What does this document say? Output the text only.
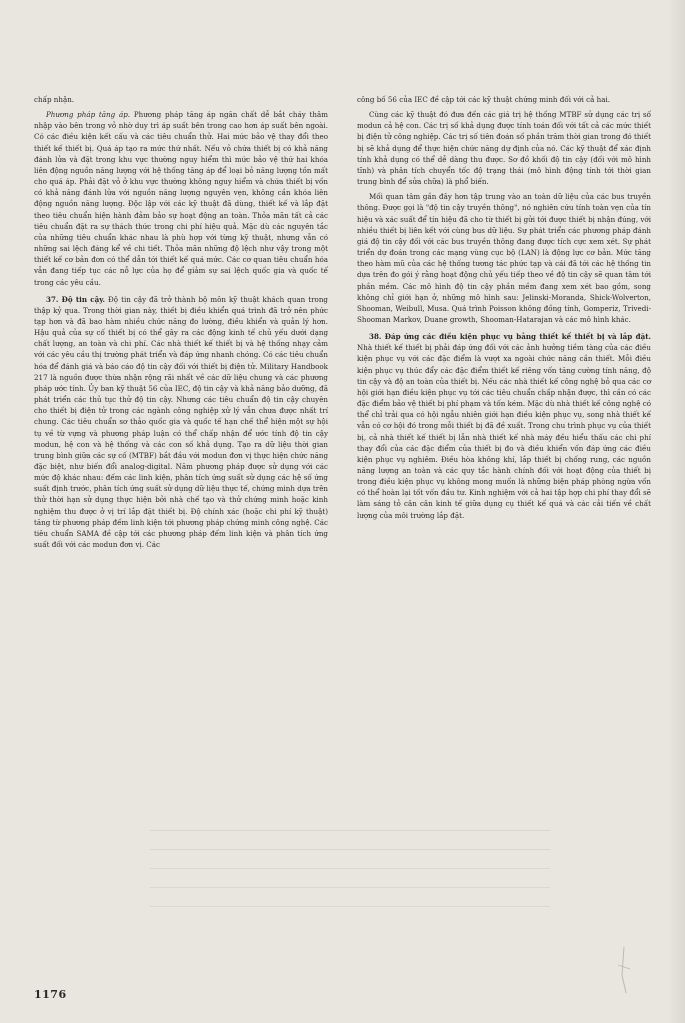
chấp nhận.

Phương pháp tăng áp. Phương pháp tăng áp ngăn chất dễ bắt cháy thâm nhập vào bên trong vỏ nhờ duy trì áp suất bên trong cao hơn áp suất bên ngoài. Có các điều kiện kết cấu và các tiêu chuẩn thử. Hai mức bảo vệ thay đổi theo thiết kế thiết bị. Quá áp tạo ra mức thứ nhất. Nếu vỏ chứa thiết bị có khả năng đánh lửa và đặt trong khu vực thường nguy hiểm thì mức bảo vệ thứ hai khóa liên động nguồn năng lượng với hệ thống tăng áp để loại bỏ năng lượng tồn mất cho quá áp. Phải đặt vỏ ở khu vực thường không nguy hiểm và chứa thiết bị vốn có khả năng đánh lửa với nguồn năng lượng nguyên vẹn, không cần khóa liên động nguồn năng lượng. Độc lập với các kỹ thuật đã dùng, thiết kế và lắp đặt theo tiêu chuẩn hiện hành đảm bảo sự hoạt động an toàn. Thỏa mãn tất cả các tiêu chuẩn đặt ra sự thách thức trong chi phí hiệu quả. Mặc dù các nguyên tắc của những tiêu chuẩn khác nhau là phù hợp với từng kỹ thuật, nhưng vẫn có những sai lệch đáng kể về chi tiết. Thỏa mãn những độ lệch như vậy trong một thiết kế cơ bản đơn có thể dẫn tới thiết kế quá mức. Các cơ quan tiêu chuẩn hóa vẫn đang tiếp tục các nỗ lực của họ để giảm sự sai lệch quốc gia và quốc tế trong các yêu cầu.

37. Độ tin cậy. Độ tin cậy đã trở thành bộ môn kỹ thuật khách quan trong thập kỷ qua. Trong thời gian này, thiết bị điều khiển quá trình đã trở nên phức tạp hơn và đã bao hàm nhiều chức năng đo lường, điều khiển và quản lý hơn. Hậu quả của sự cố thiết bị có thể gây ra các động kinh tế chủ yếu dưới dạng chất lượng, an toàn và chi phí. Các nhà thiết kế thiết bị và hệ thống nhạy cảm với các yêu cầu thị trường phát triển và đáp ứng nhanh chóng. Có các tiêu chuẩn hóa để đánh giá và báo cáo độ tin cậy đối với thiết bị điện tử. Military Handbook 217 là nguồn được thừa nhận rộng rãi nhất về các dữ liệu chung và các phương pháp ước tính. Ủy ban kỹ thuật 56 của IEC, độ tin cậy và khả năng bảo dưỡng, đã phát triển các thủ tục thử độ tin cậy. Nhưng các tiêu chuẩn độ tin cậy chuyên cho thiết bị điện tử trong các ngành công nghiệp xử lý vẫn chưa được nhất trí chung. Các tiêu chuẩn sơ thảo quốc gia và quốc tế hạn chế thể hiện một sự hội tụ về từ vựng và phương pháp luận có thể chấp nhận để ước tính độ tin cậy modun, hệ con và hệ thống và các con số khả dụng. Tạo ra dữ liệu thời gian trung bình giữa các sự cố (MTBF) bắt đầu với modun đơn vị thực hiện chức năng đặc biệt, như biến đổi analog-digital. Năm phương pháp được sử dụng với các mức độ khác nhau: đếm các linh kiện, phân tích ứng suất sử dụng các hệ số ứng suất định trước, phân tích ứng suất sử dụng dữ liệu thực tế, chứng minh dựa trên thử thời hạn sử dụng thực hiện bởi nhà chế tạo và thử chứng minh hoặc kinh nghiệm thu được ở vị trí lắp đặt thiết bị. Độ chính xác (hoặc chi phí kỹ thuật) tăng từ phương pháp đếm linh kiện tới phương pháp chứng minh công nghệ. Các tiêu chuẩn SAMA đề cập tới các phương pháp đếm linh kiện và phân tích ứng suất đối với các modun đơn vị. Các

công bố 56 của IEC đề cập tới các kỹ thuật chứng minh đối với cả hai.

Cùng các kỹ thuật đó đưa đến các giá trị hệ thống MTBF sử dụng các trị số modun cả hệ con. Các trị số khả dụng được tính toán đối với tất cả các mức thiết bị điện tử công nghiệp. Các trị số tiên đoán số phần trăm thời gian trong đó thiết bị sẽ khả dụng để thực hiện chức năng dự định của nó. Các kỹ thuật để xác định tính khả dụng có thể dễ dàng thu được. Sơ đồ khối độ tin cậy (đối với mô hình tĩnh) và phân tích chuyển tốc độ trạng thái (mô hình động tính tới thời gian trung bình để sửa chữa) là phổ biến.

Mối quan tâm gần đây hơn tập trung vào an toàn dữ liệu của các bus truyền thông. Được gọi là "độ tin cậy truyền thông", nó nghiên cứu tính toàn vẹn của tín hiệu và xác suất để tín hiệu đã cho từ thiết bị gửi tới được thiết bị nhận đúng, với nhiều thiết bị liên kết với cùng bus dữ liệu. Sự phát triển các phương pháp đánh giá độ tin cậy đối với các bus truyền thông đang được tích cực xem xét. Sự phát triển dự đoán trong các mạng vùng cục bộ (LAN) là động lực cơ bản. Mức tăng theo hàm mũ của các hệ thống tương tác phức tạp và cái đã tới các hệ thống tin dựa trên đo gói ý rằng hoạt động chủ yếu tiếp theo về độ tin cậy sẽ quan tâm tới phần mềm. Các mô hình độ tin cậy phần mềm đang xem xét bao gồm, song không chỉ giới hạn ở, những mô hình sau: Jelinski-Moranda, Shick-Wolverton, Shooman, Weibull, Musa. Quá trình Poisson không đồng tính, Gomperiz, Trivedi-Shooman Markov, Duane growth, Shooman-Hatarajan và các mô hình khác.

38. Đáp ứng các điều kiện phục vụ bằng thiết kế thiết bị và lắp đặt. Nhà thiết kế thiết bị phải đáp ứng đối với các ảnh hưởng tiềm tàng của các điều kiện phục vụ với các đặc điểm là vượt xa ngoài chức năng cần thiết. Mỗi điều kiện phục vụ thúc đẩy các đặc điểm thiết kế riêng vốn tăng cường tính năng, độ tin cậy và độ an toàn của thiết bị. Nếu các nhà thiết kế công nghệ bỏ qua các cơ hội giới hạn điều kiện phục vụ tới các tiêu chuẩn chấp nhận được, thì cần có các đặc điểm bảo vệ thiết bị phí phạm và tốn kém. Mặc dù nhà thiết kế công nghệ có thể chỉ trải qua có hội ngẫu nhiên giới hạn điều kiện phục vụ, song nhà thiết kế vẫn có cơ hội đó trong mỗi thiết bị đã đề xuất. Trong chu trình phục vụ của thiết bị, cả nhà thiết kế thiết bị lẫn nhà thiết kế nhà máy đều hiểu thấu các chi phí thay đổi của các đặc điểm của thiết bị đo và điều khiển vốn đáp ứng các điều kiện phục vụ nghiêm. Điều hòa không khí, lắp thiết bị chống rung, các nguồn năng lượng an toàn và các quy tắc hành chính đối với hoạt động của thiết bị trong điều kiện phục vụ không mong muốn là những biện pháp phòng ngừa vốn có thể hoàn lại tốt vốn đầu tư. Kinh nghiệm với cả hai tập hợp chi phí thay đổi sẽ làm sáng tỏ cân cân kinh tế giữa dụng cụ thiết kế quá và các cải tiến về chất lượng của môi trường lắp đặt.

1176
